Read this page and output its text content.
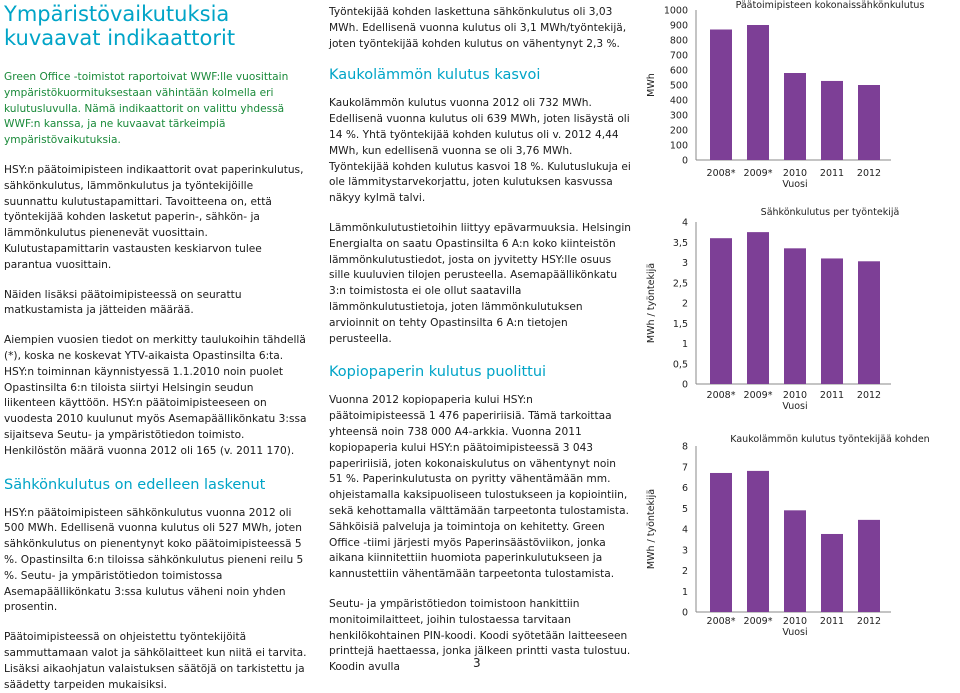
Ympäristövaikutuksia kuvaavat indikaattorit

Green Office -toimistot raportoivat WWF:lle vuosittain ympäristökuormituksestaan vähintään kolmella eri kulutusluvulla. Nämä indikaattorit on valittu yhdessä WWF:n kanssa, ja ne kuvaavat tärkeimpiä ympäristövaikutuksia.

HSY:n päätoimipisteen indikaattorit ovat paperinkulutus, sähkönkulutus, lämmönkulutus ja työntekijöille suunnattu kulutustapamittari. Tavoitteena on, että työntekijää kohden lasketut paperin-, sähkön- ja lämmönkulutus pienenevät vuosittain. Kulutustapamittarin vastausten keskiarvon tulee parantua vuosittain.

Näiden lisäksi päätoimipisteessä on seurattu matkustamista ja jätteiden määrää.

Aiempien vuosien tiedot on merkitty taulukoihin tähdellä (*), koska ne koskevat YTV-aikaista Opastinsilta 6:ta. HSY:n toiminnan käynnistyessä 1.1.2010 noin puolet Opastinsilta 6:n tiloista siirtyi Helsingin seudun liikenteen käyttöön. HSY:n päätoimipisteeseen on vuodesta 2010 kuulunut myös Asemapäällikönkatu 3:ssa sijaitseva Seutu- ja ympäristötiedon toimisto. Henkilöstön määrä vuonna 2012 oli 165 (v. 2011 170).

Sähkönkulutus on edelleen laskenut

HSY:n päätoimipisteen sähkönkulutus vuonna 2012 oli 500 MWh. Edellisenä vuonna kulutus oli 527 MWh, joten sähkönkulutus on pienentynyt koko päätoimipisteessä 5 %. Opastinsilta 6:n tiloissa sähkönkulutus pieneni reilu 5 %. Seutu- ja ympäristötiedon toimistossa Asemapäällikönkatu 3:ssa kulutus väheni noin yhden prosentin.

Päätoimipisteessä on ohjeistettu työntekijöitä sammuttamaan valot ja sähkölaitteet kun niitä ei tarvita. Lisäksi aikaohjatun valaistuksen säätöjä on tarkistettu ja säädetty tarpeiden mukaisiksi.

Työntekijää kohden laskettuna sähkönkulutus oli 3,03 MWh. Edellisenä vuonna kulutus oli 3,1 MWh/työntekijä, joten työntekijää kohden kulutus on vähentynyt 2,3 %.

Kaukolämmön kulutus kasvoi

Kaukolämmön kulutus vuonna 2012 oli 732 MWh. Edellisenä vuonna kulutus oli 639 MWh, joten lisäystä oli 14 %. Yhtä työntekijää kohden kulutus oli v. 2012 4,44 MWh, kun edellisenä vuonna se oli 3,76 MWh. Työntekijää kohden kulutus kasvoi 18 %. Kulutuslukuja ei ole lämmitystarvekorjattu, joten kulutuksen kasvussa näkyy kylmä talvi.

Lämmönkulutustietoihin liittyy epävarmuuksia. Helsingin Energialta on saatu Opastinsilta 6 A:n koko kiinteistön lämmönkulutustiedot, josta on jyvitetty HSY:lle osuus sille kuuluvien tilojen perusteella. Asemapäällikönkatu 3:n toimistosta ei ole ollut saatavilla lämmönkulutustietoja, joten lämmönkulutuksen arvioinnit on tehty Opastinsilta 6 A:n tietojen perusteella.

Kopiopaperin kulutus puolittui

Vuonna 2012 kopiopaperia kului HSY:n päätoimipisteessä 1 476 papeririisiä. Tämä tarkoittaa yhteensä noin 738 000 A4-arkkia. Vuonna 2011 kopiopaperia kului HSY:n päätoimipisteessä 3 043 papeririisiä, joten kokonaiskulutus on vähentynyt noin 51 %. Paperinkulutusta on pyritty vähentämään mm. ohjeistamalla kaksipuoliseen tulostukseen ja kopiointiin, sekä kehottamalla välttämään tarpeetonta tulostamista. Sähköisiä palveluja ja toimintoja on kehitetty. Green Office -tiimi järjesti myös Paperinsäästöviikon, jonka aikana kiinnitettiin huomiota paperinkulutukseen ja kannustettiin vähentämään tarpeetonta tulostamista.

Seutu- ja ympäristötiedon toimistoon hankittiin monitoimilaitteet, joihin tulostaessa tarvitaan henkilökohtainen PIN-koodi. Koodi syötetään laitteeseen printtejä haettaessa, jonka jälkeen printti vasta tulostuu. Koodin avulla

Päätoimipisteen kokonaissähkönkulutus
MWh
0
100
200
300
400
500
600
700
800
900
1000
2008* 2009* 2010 Vuosi
2011 2012
Sähkönkulutus per työntekijä
MWh / työntekijä
0
0,5
1
1,5
2
2,5
3
3,5
4
2008* 2009* 2010 Vuosi
2011 2012
Kaukolämmön kulutus työntekijää kohden
MWh / työntekijä
0
1
2
3
4
5
6
7
8
2008* 2009* 2010 Vuosi
2011 2012
3
